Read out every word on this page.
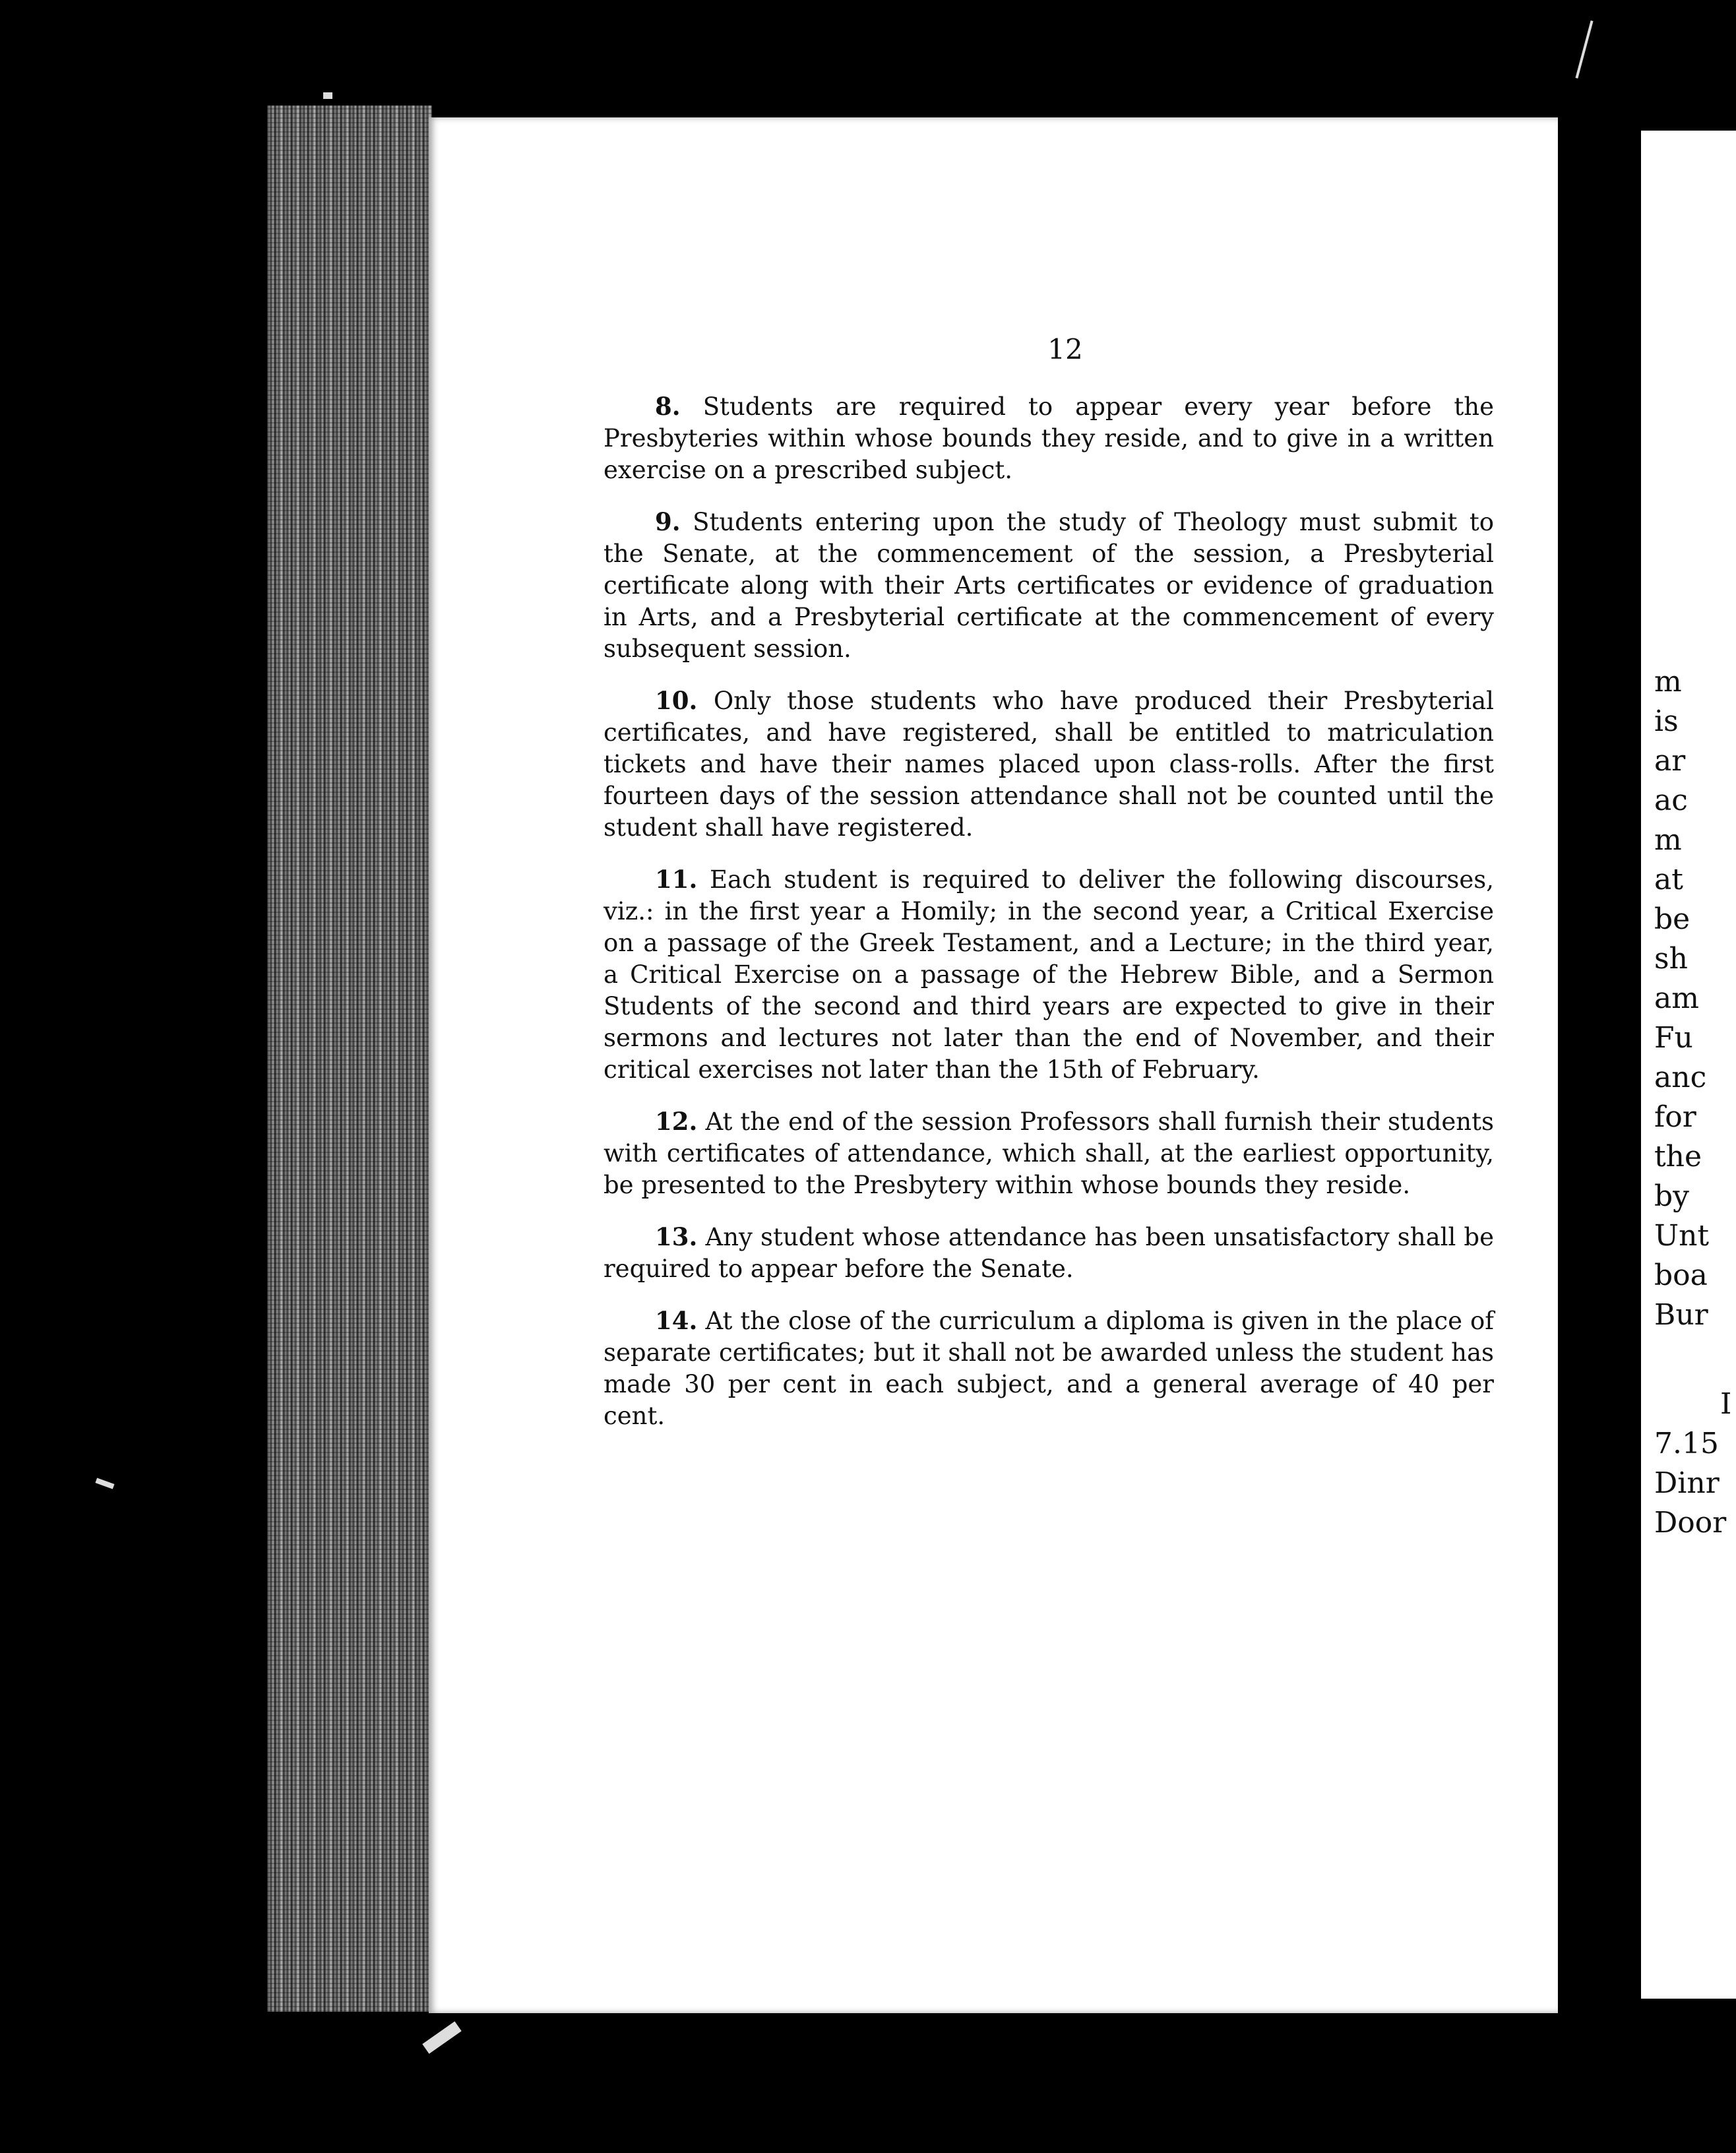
12

8. Students are required to appear every year before the Presbyteries within whose bounds they reside, and to give in a written exercise on a prescribed subject.

9. Students entering upon the study of Theology must submit to the Senate, at the commencement of the session, a Presbyterial certificate along with their Arts certificates or evidence of graduation in Arts, and a Presbyterial certificate at the commencement of every subsequent session.

10. Only those students who have produced their Presbyterial certificates, and have registered, shall be entitled to matriculation tickets and have their names placed upon class-rolls. After the first fourteen days of the session attendance shall not be counted until the student shall have registered.

11. Each student is required to deliver the following discourses, viz.: in the first year a Homily; in the second year, a Critical Exercise on a passage of the Greek Testament, and a Lecture; in the third year, a Critical Exercise on a passage of the Hebrew Bible, and a Sermon Students of the second and third years are expected to give in their sermons and lectures not later than the end of November, and their critical exercises not later than the 15th of February.

12. At the end of the session Professors shall furnish their students with certificates of attendance, which shall, at the earliest opportunity, be presented to the Presbytery within whose bounds they reside.

13. Any student whose attendance has been unsatisfactory shall be required to appear before the Senate.

14. At the close of the curriculum a diploma is given in the place of separate certificates; but it shall not be awarded unless the student has made 30 per cent in each subject, and a general average of 40 per cent.

m
is
ar
ac
m
at
be
sh
am
Fu
anc
for
the
by
Unt
boa
Bur
I
7.15
Dinr
Door
